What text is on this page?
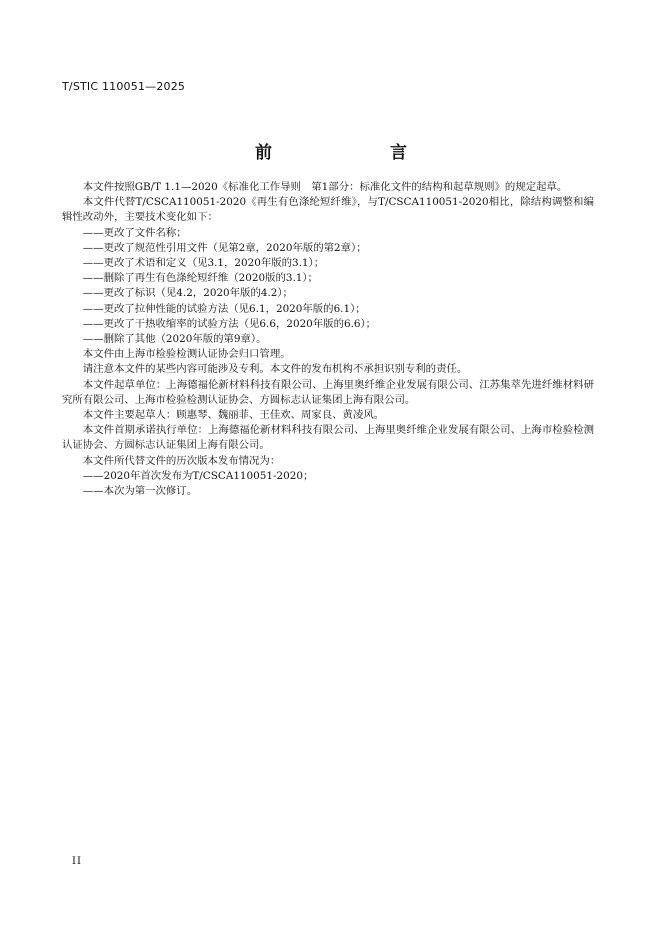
T/STIC 110051—2025
前　　言

本文件按照GB/T 1.1—2020《标准化工作导则　第1部分：标准化文件的结构和起草规则》的规定起草。

本文件代替T/CSCA110051-2020《再生有色涤纶短纤维》，与T/CSCA110051-2020相比，除结构调整和编辑性改动外，主要技术变化如下：

——更改了文件名称；

——更改了规范性引用文件（见第2章，2020年版的第2章）；

——更改了术语和定义（见3.1，2020年版的3.1）；

——删除了再生有色涤纶短纤维（2020版的3.1）；

——更改了标识（见4.2，2020年版的4.2）；

——更改了拉伸性能的试验方法（见6.1，2020年版的6.1）；

——更改了干热收缩率的试验方法（见6.6，2020年版的6.6）；

——删除了其他（2020年版的第9章）。

本文件由上海市检验检测认证协会归口管理。

请注意本文件的某些内容可能涉及专利。本文件的发布机构不承担识别专利的责任。

本文件起草单位：上海德福伦新材料科技有限公司、上海里奥纤维企业发展有限公司、江苏集萃先进纤维材料研究所有限公司、上海市检验检测认证协会、方圆标志认证集团上海有限公司。

本文件主要起草人：顾惠琴、魏丽菲、王佳欢、周家良、黄凌风。

本文件首期承诺执行单位：上海德福伦新材料科技有限公司、上海里奥纤维企业发展有限公司、上海市检验检测认证协会、方圆标志认证集团上海有限公司。

本文件所代替文件的历次版本发布情况为：

——2020年首次发布为T/CSCA110051-2020；

——本次为第一次修订。

II
